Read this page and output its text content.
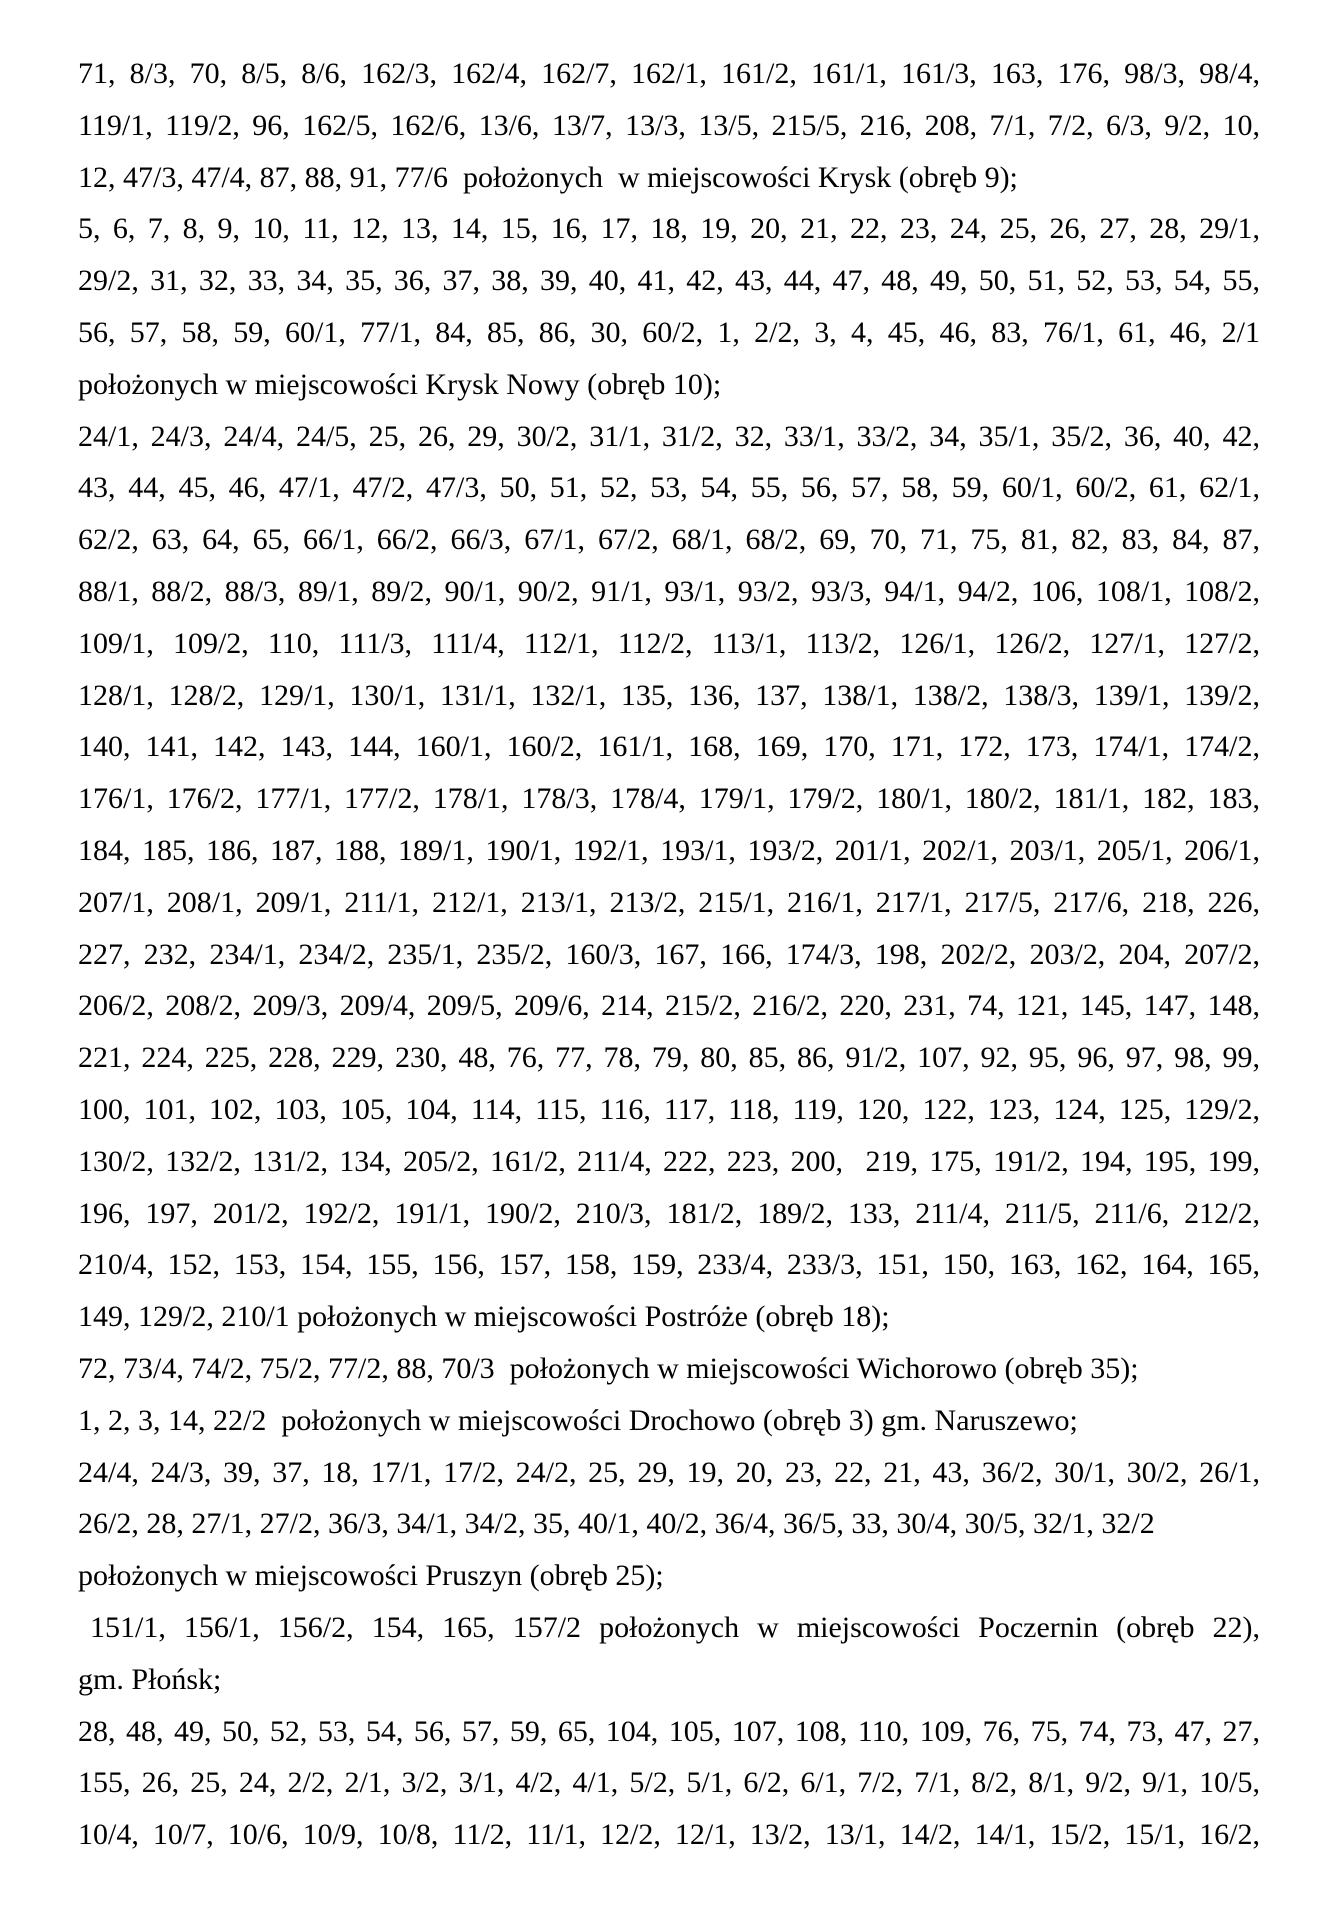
71, 8/3, 70, 8/5, 8/6, 162/3, 162/4, 162/7, 162/1, 161/2, 161/1, 161/3, 163, 176, 98/3, 98/4,
119/1, 119/2, 96, 162/5, 162/6, 13/6, 13/7, 13/3, 13/5, 215/5, 216, 208, 7/1, 7/2, 6/3, 9/2, 10,
12, 47/3, 47/4, 87, 88, 91, 77/6  położonych  w miejscowości Krysk (obręb 9);
5, 6, 7, 8, 9, 10, 11, 12, 13, 14, 15, 16, 17, 18, 19, 20, 21, 22, 23, 24, 25, 26, 27, 28, 29/1,
29/2, 31, 32, 33, 34, 35, 36, 37, 38, 39, 40, 41, 42, 43, 44, 47, 48, 49, 50, 51, 52, 53, 54, 55,
56, 57, 58, 59, 60/1, 77/1, 84, 85, 86, 30, 60/2, 1, 2/2, 3, 4, 45, 46, 83, 76/1, 61, 46, 2/1
położonych w miejscowości Krysk Nowy (obręb 10);
24/1, 24/3, 24/4, 24/5, 25, 26, 29, 30/2, 31/1, 31/2, 32, 33/1, 33/2, 34, 35/1, 35/2, 36, 40, 42,
43, 44, 45, 46, 47/1, 47/2, 47/3, 50, 51, 52, 53, 54, 55, 56, 57, 58, 59, 60/1, 60/2, 61, 62/1,
62/2, 63, 64, 65, 66/1, 66/2, 66/3, 67/1, 67/2, 68/1, 68/2, 69, 70, 71, 75, 81, 82, 83, 84, 87,
88/1, 88/2, 88/3, 89/1, 89/2, 90/1, 90/2, 91/1, 93/1, 93/2, 93/3, 94/1, 94/2, 106, 108/1, 108/2,
109/1, 109/2, 110, 111/3, 111/4, 112/1, 112/2, 113/1, 113/2, 126/1, 126/2, 127/1, 127/2,
128/1, 128/2, 129/1, 130/1, 131/1, 132/1, 135, 136, 137, 138/1, 138/2, 138/3, 139/1, 139/2,
140, 141, 142, 143, 144, 160/1, 160/2, 161/1, 168, 169, 170, 171, 172, 173, 174/1, 174/2,
176/1, 176/2, 177/1, 177/2, 178/1, 178/3, 178/4, 179/1, 179/2, 180/1, 180/2, 181/1, 182, 183,
184, 185, 186, 187, 188, 189/1, 190/1, 192/1, 193/1, 193/2, 201/1, 202/1, 203/1, 205/1, 206/1,
207/1, 208/1, 209/1, 211/1, 212/1, 213/1, 213/2, 215/1, 216/1, 217/1, 217/5, 217/6, 218, 226,
227, 232, 234/1, 234/2, 235/1, 235/2, 160/3, 167, 166, 174/3, 198, 202/2, 203/2, 204, 207/2,
206/2, 208/2, 209/3, 209/4, 209/5, 209/6, 214, 215/2, 216/2, 220, 231, 74, 121, 145, 147, 148,
221, 224, 225, 228, 229, 230, 48, 76, 77, 78, 79, 80, 85, 86, 91/2, 107, 92, 95, 96, 97, 98, 99,
100, 101, 102, 103, 105, 104, 114, 115, 116, 117, 118, 119, 120, 122, 123, 124, 125, 129/2,
130/2, 132/2, 131/2, 134, 205/2, 161/2, 211/4, 222, 223, 200,  219, 175, 191/2, 194, 195, 199,
196, 197, 201/2, 192/2, 191/1, 190/2, 210/3, 181/2, 189/2, 133, 211/4, 211/5, 211/6, 212/2,
210/4, 152, 153, 154, 155, 156, 157, 158, 159, 233/4, 233/3, 151, 150, 163, 162, 164, 165,
149, 129/2, 210/1 położonych w miejscowości Postróże (obręb 18);
72, 73/4, 74/2, 75/2, 77/2, 88, 70/3  położonych w miejscowości Wichorowo (obręb 35);
1, 2, 3, 14, 22/2  położonych w miejscowości Drochowo (obręb 3) gm. Naruszewo;
24/4, 24/3, 39, 37, 18, 17/1, 17/2, 24/2, 25, 29, 19, 20, 23, 22, 21, 43, 36/2, 30/1, 30/2, 26/1,
26/2, 28, 27/1, 27/2, 36/3, 34/1, 34/2, 35, 40/1, 40/2, 36/4, 36/5, 33, 30/4, 30/5, 32/1, 32/2
położonych w miejscowości Pruszyn (obręb 25);
151/1, 156/1, 156/2, 154, 165, 157/2 położonych w miejscowości Poczernin (obręb 22),
gm. Płońsk;
28, 48, 49, 50, 52, 53, 54, 56, 57, 59, 65, 104, 105, 107, 108, 110, 109, 76, 75, 74, 73, 47, 27,
155, 26, 25, 24, 2/2, 2/1, 3/2, 3/1, 4/2, 4/1, 5/2, 5/1, 6/2, 6/1, 7/2, 7/1, 8/2, 8/1, 9/2, 9/1, 10/5,
10/4, 10/7, 10/6, 10/9, 10/8, 11/2, 11/1, 12/2, 12/1, 13/2, 13/1, 14/2, 14/1, 15/2, 15/1, 16/2,
